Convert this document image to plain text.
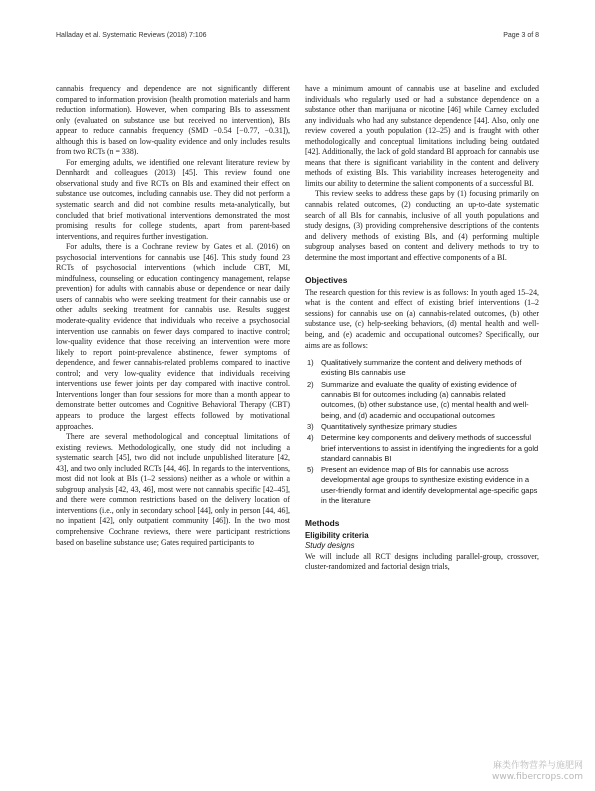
Halladay et al. Systematic Reviews (2018) 7:106	Page 3 of 8

cannabis frequency and dependence are not significantly different compared to information provision (health promotion materials and harm reduction information). However, when comparing BIs to assessment only (evaluated on substance use but received no intervention), BIs appear to reduce cannabis frequency (SMD −0.54 [−0.77, −0.31]), although this is based on low-quality evidence and only includes results from two RCTs (n = 338).

For emerging adults, we identified one relevant literature review by Dennhardt and colleagues (2013) [45]. This review found one observational study and five RCTs on BIs and examined their effect on substance use outcomes, including cannabis use. They did not perform a systematic search and did not combine results meta-analytically, but concluded that brief motivational interventions demonstrated the most promising results for college students, apart from parent-based interventions, and requires further investigation.

For adults, there is a Cochrane review by Gates et al. (2016) on psychosocial interventions for cannabis use [46]. This study found 23 RCTs of psychosocial interventions (which include CBT, MI, mindfulness, counseling or education contingency management, relapse prevention) for adults with cannabis abuse or dependence or near daily users of cannabis who were seeking treatment for their cannabis use or other adults seeking treatment for cannabis use. Results suggest moderate-quality evidence that individuals who receive a psychosocial intervention use cannabis on fewer days compared to inactive control; low-quality evidence that those receiving an intervention were more likely to report point-prevalence abstinence, fewer symptoms of dependence, and fewer cannabis-related problems compared to inactive control; and very low-quality evidence that individuals receiving interventions use fewer joints per day compared with inactive control. Interventions longer than four sessions for more than a month appear to demonstrate better outcomes and Cognitive Behavioral Therapy (CBT) appears to produce the largest effects followed by motivational approaches.

There are several methodological and conceptual limitations of existing reviews. Methodologically, one study did not including a systematic search [45], two did not include unpublished literature [42, 43], and two only included RCTs [44, 46]. In regards to the interventions, most did not look at BIs (1–2 sessions) neither as a whole or within a subgroup analysis [42, 43, 46], most were not cannabis specific [42–45], and there were common restrictions based on the delivery location of interventions (i.e., only in secondary school [44], only in person [44, 46], no inpatient [42], only outpatient community [46]). In the two most comprehensive Cochrane reviews, there were participant restrictions based on baseline substance use; Gates required participants to

have a minimum amount of cannabis use at baseline and excluded individuals who regularly used or had a substance dependence on a substance other than marijuana or nicotine [46] while Carney excluded any individuals who had any substance dependence [44]. Also, only one review covered a youth population (12–25) and is fraught with other methodologically and conceptual limitations including being outdated [42]. Additionally, the lack of gold standard BI approach for cannabis use means that there is significant variability in the content and delivery methods of existing BIs. This variability increases heterogeneity and limits our ability to determine the salient components of a successful BI.

This review seeks to address these gaps by (1) focusing primarily on cannabis related outcomes, (2) conducting an up-to-date systematic search of all BIs for cannabis, inclusive of all youth populations and study designs, (3) providing comprehensive descriptions of the contents and delivery methods of existing BIs, and (4) performing multiple subgroup analyses based on content and delivery methods to try to determine the most important and effective components of a BI.

Objectives

The research question for this review is as follows: In youth aged 15–24, what is the content and effect of existing brief interventions (1–2 sessions) for cannabis use on (a) cannabis-related outcomes, (b) other substance use, (c) help-seeking behaviors, (d) mental health and well-being, and (e) academic and occupational outcomes? Specifically, our aims are as follows:

1) Qualitatively summarize the content and delivery methods of existing BIs cannabis use
2) Summarize and evaluate the quality of existing evidence of cannabis BI for outcomes including (a) cannabis related outcomes, (b) other substance use, (c) mental health and well-being, and (d) academic and occupational outcomes
3) Quantitatively synthesize primary studies
4) Determine key components and delivery methods of successful brief interventions to assist in identifying the ingredients for a gold standard cannabis BI
5) Present an evidence map of BIs for cannabis use across developmental age groups to synthesize existing evidence in a user-friendly format and identify developmental age-specific gaps in the literature
Methods
Eligibility criteria
Study designs

We will include all RCT designs including parallel-group, crossover, cluster-randomized and factorial design trials,

麻类作物营养与施肥网
www.fibercrops.com
